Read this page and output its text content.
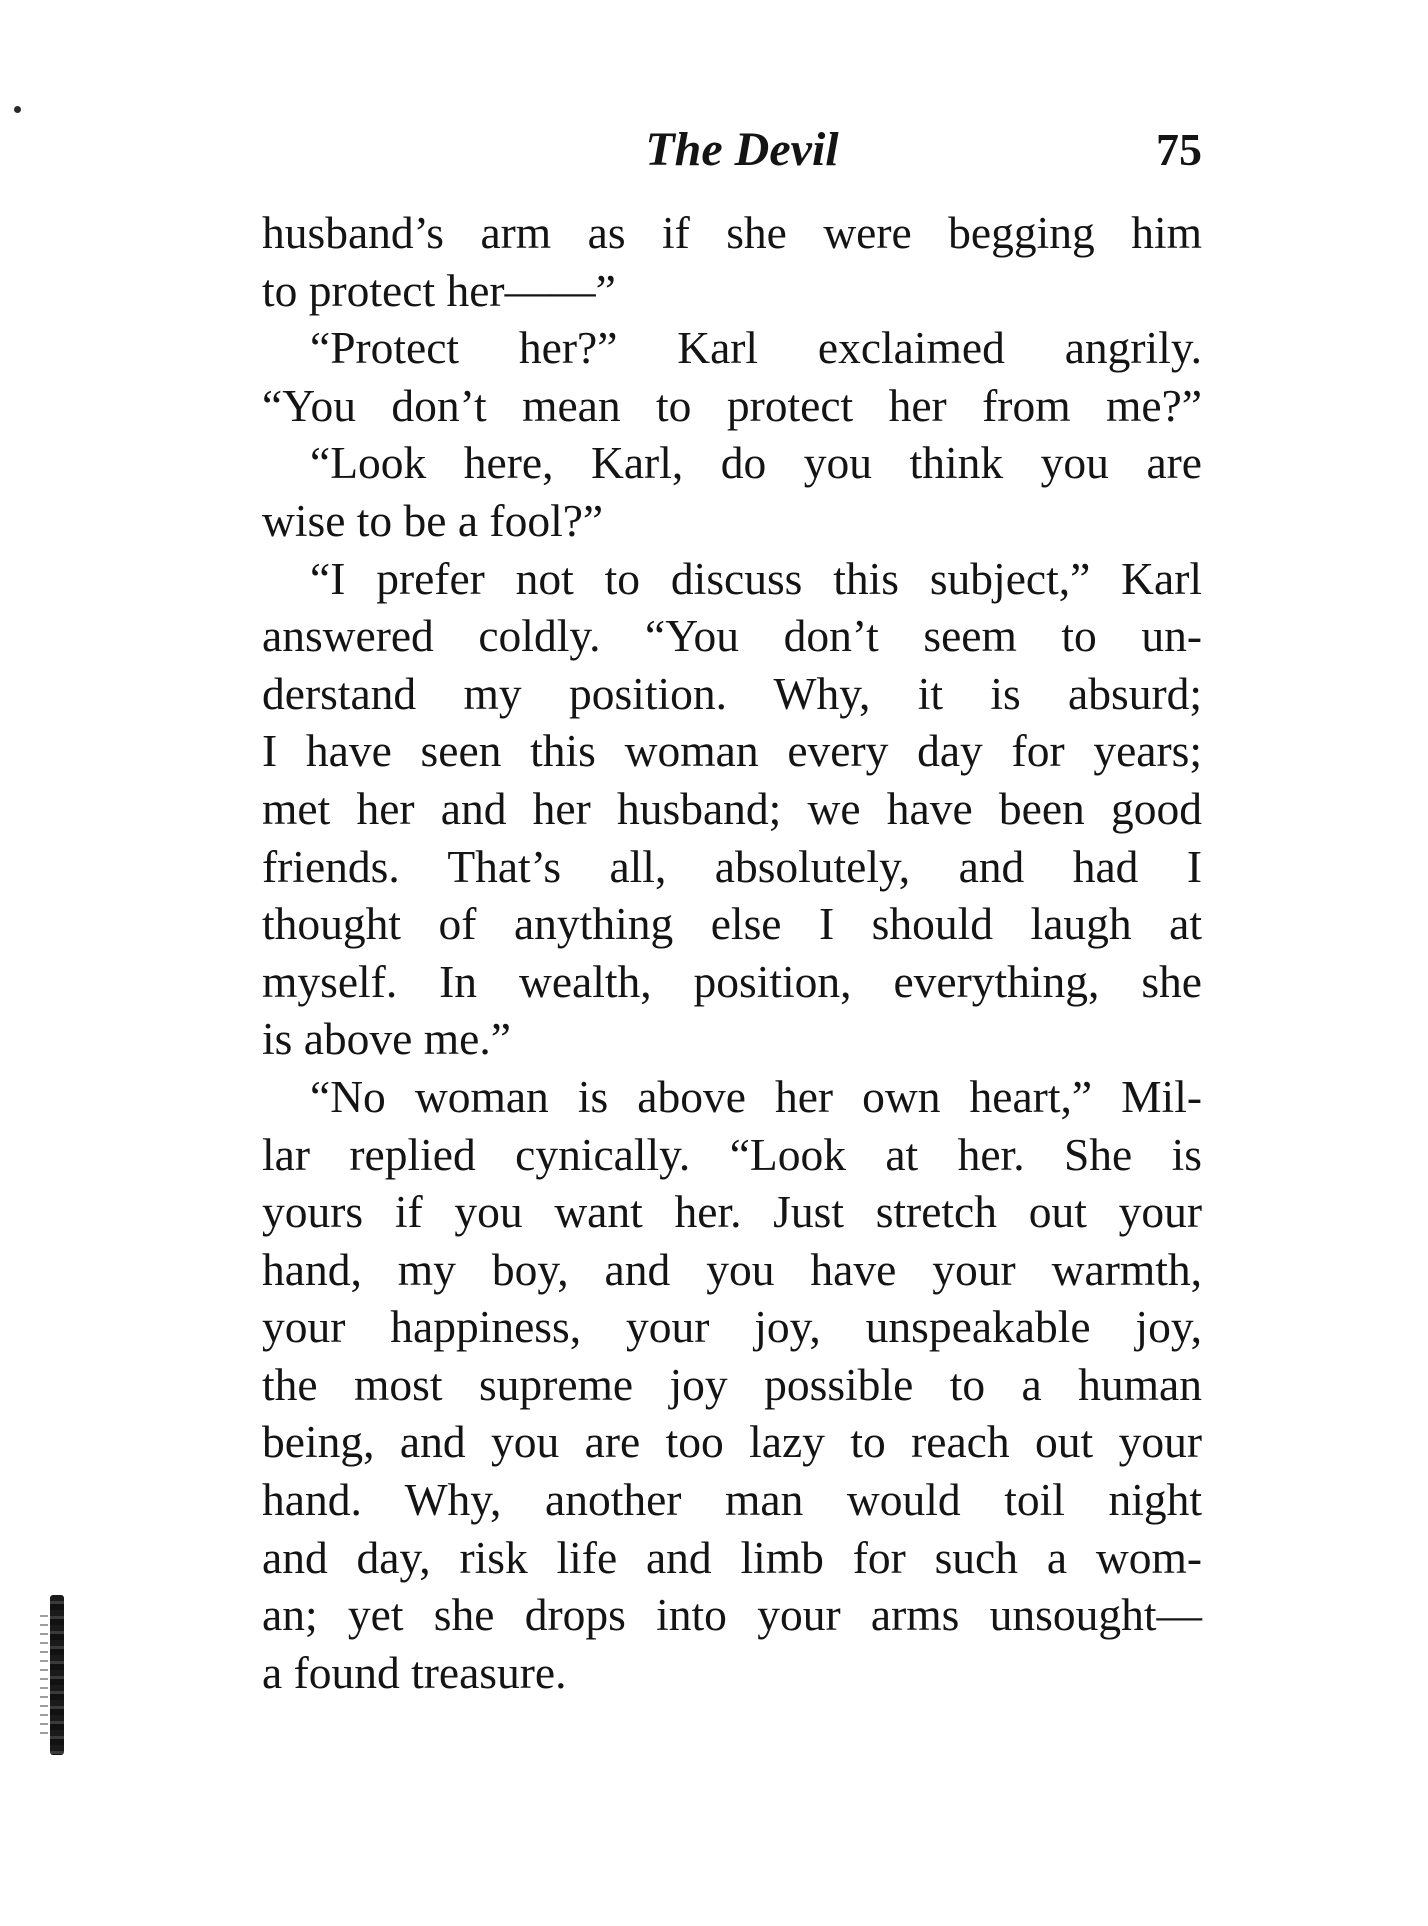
The Devil	75
husband’s arm as if she were begging him
to protect her——”
“Protect her?” Karl exclaimed angrily.
“You don’t mean to protect her from me?”
“Look here, Karl, do you think you are
wise to be a fool?”
“I prefer not to discuss this subject,” Karl
answered coldly. “You don’t seem to un-
derstand my position. Why, it is absurd;
I have seen this woman every day for years;
met her and her husband; we have been good
friends. That’s all, absolutely, and had I
thought of anything else I should laugh at
myself. In wealth, position, everything, she
is above me.”
“No woman is above her own heart,” Mil-
lar replied cynically. “Look at her. She is
yours if you want her. Just stretch out your
hand, my boy, and you have your warmth,
your happiness, your joy, unspeakable joy,
the most supreme joy possible to a human
being, and you are too lazy to reach out your
hand. Why, another man would toil night
and day, risk life and limb for such a wom-
an; yet she drops into your arms unsought—
a found treasure.
